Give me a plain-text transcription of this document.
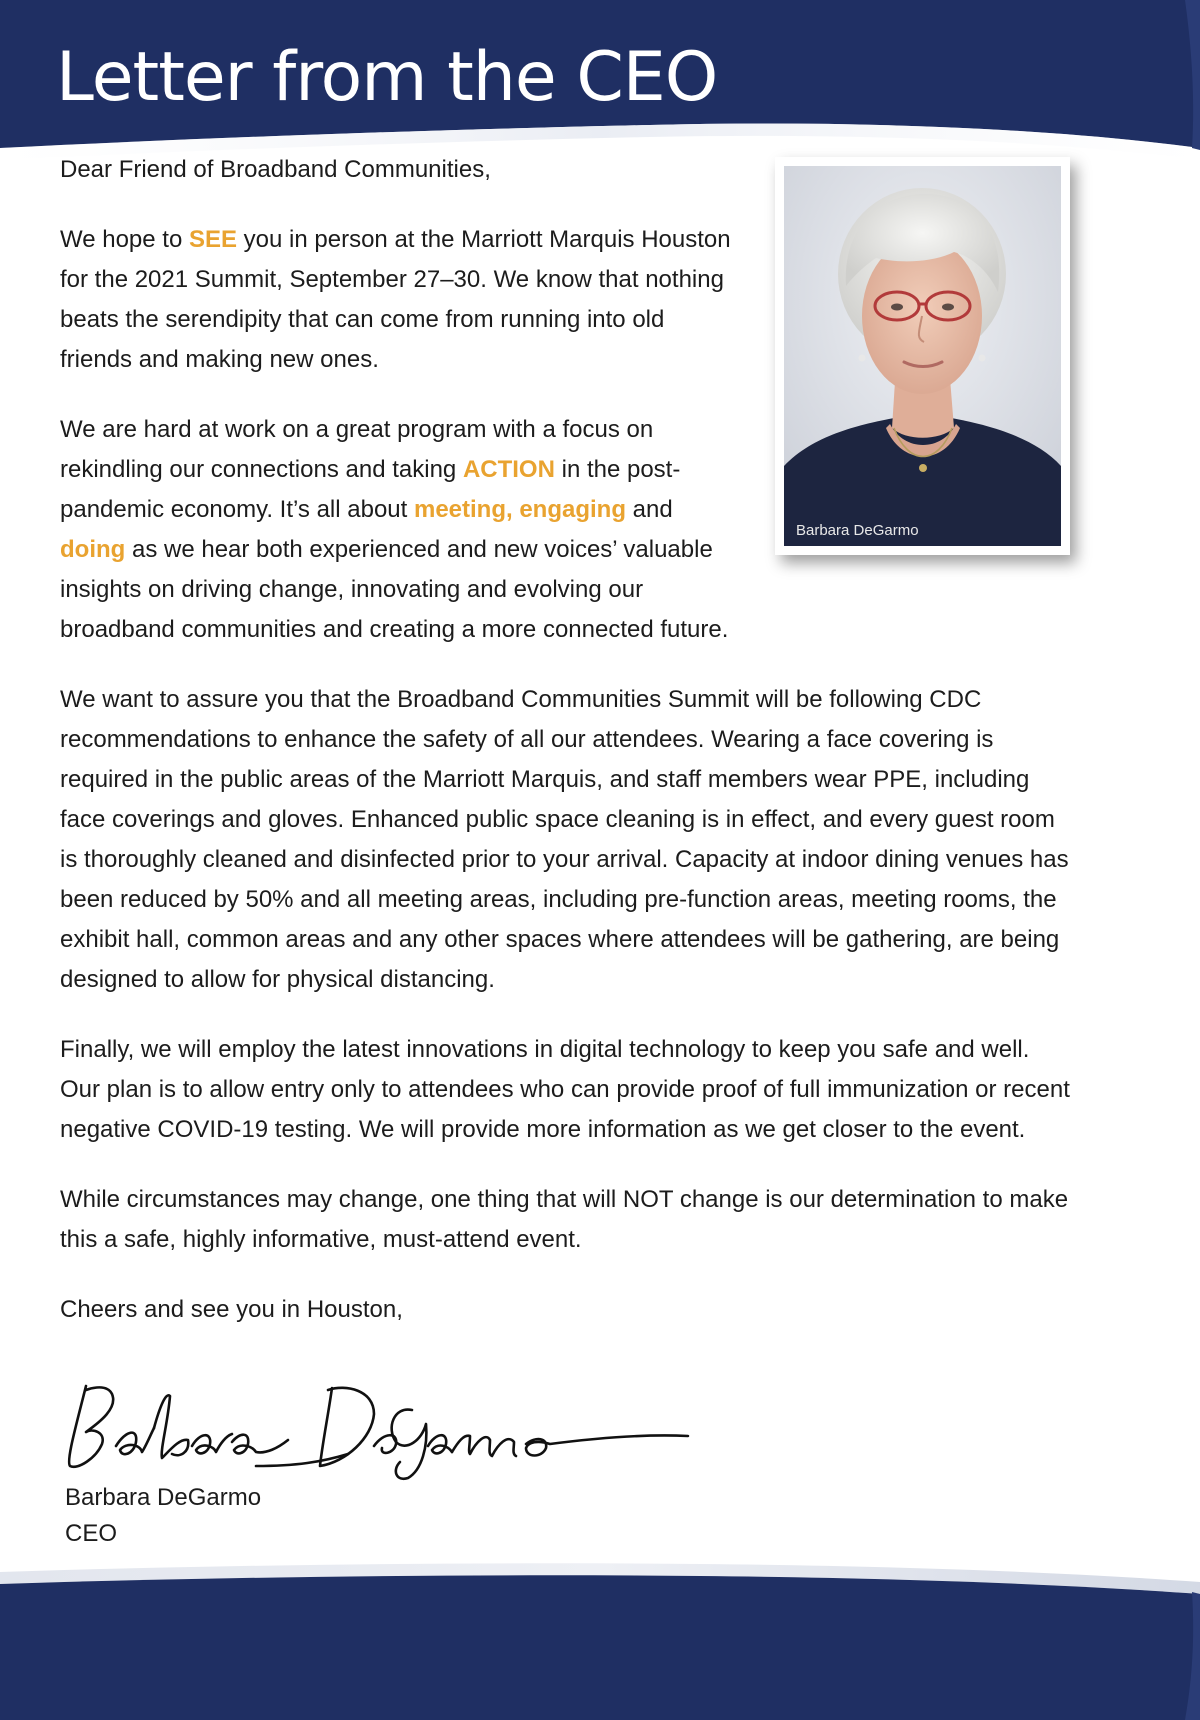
Letter from the CEO
Barbara DeGarmo

Dear Friend of Broadband Communities,

We hope to SEE you in person at the Marriott Marquis Houston for the 2021 Summit, September 27–30. We know that nothing beats the serendipity that can come from running into old friends and making new ones.

We are hard at work on a great program with a focus on rekindling our connections and taking ACTION in the post-pandemic economy. It’s all about meeting, engaging and doing as we hear both experienced and new voices’ valuable insights on driving change, innovating and evolving our broadband communities and creating a more connected future.

We want to assure you that the Broadband Communities Summit will be following CDC recommendations to enhance the safety of all our attendees. Wearing a face covering is required in the public areas of the Marriott Marquis, and staff members wear PPE, including face coverings and gloves. Enhanced public space cleaning is in effect, and every guest room is thoroughly cleaned and disinfected prior to your arrival. Capacity at indoor dining venues has been reduced by 50% and all meeting areas, including pre-function areas, meeting rooms, the exhibit hall, common areas and any other spaces where attendees will be gathering, are being designed to allow for physical distancing.

Finally, we will employ the latest innovations in digital technology to keep you safe and well. Our plan is to allow entry only to attendees who can provide proof of full immunization or recent negative COVID-19 testing. We will provide more information as we get closer to the event.

While circumstances may change, one thing that will NOT change is our determination to make this a safe, highly informative, must-attend event.

Cheers and see you in Houston,

Barbara DeGarmo
CEO
